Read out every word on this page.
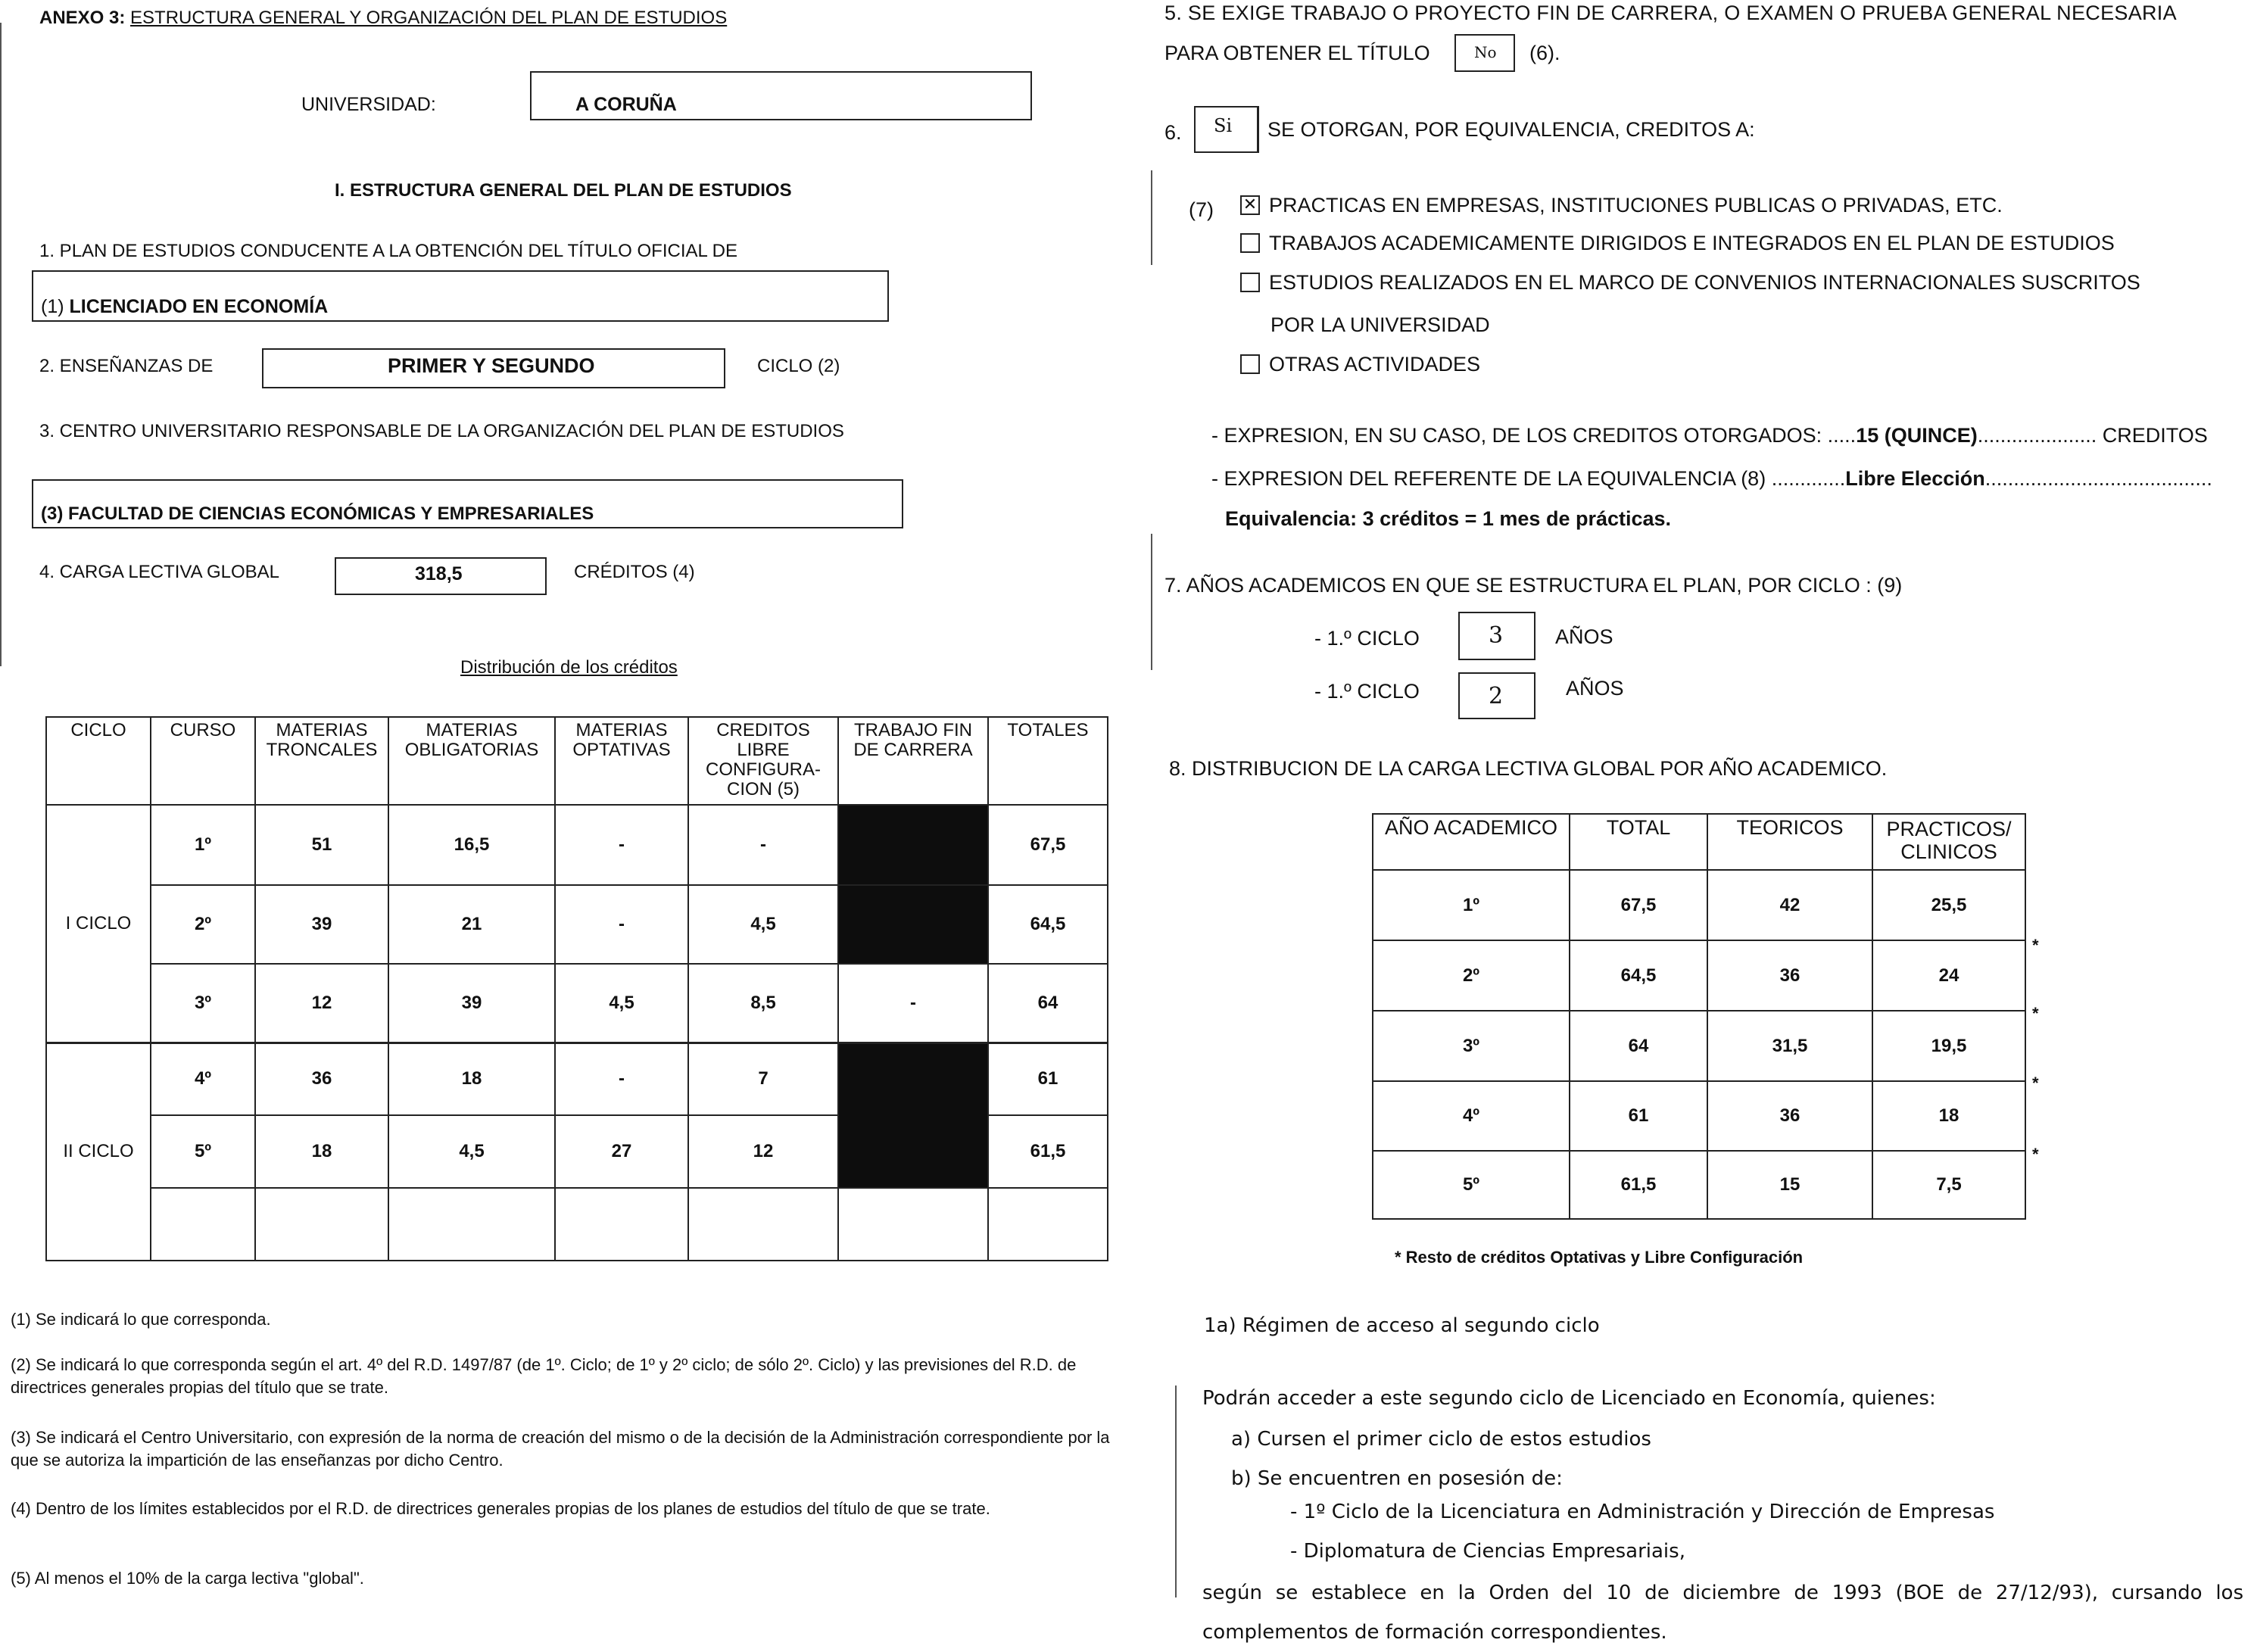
ANEXO 3: ESTRUCTURA GENERAL Y ORGANIZACIÓN DEL PLAN DE ESTUDIOS
UNIVERSIDAD:	A CORUÑA
I. ESTRUCTURA GENERAL DEL PLAN DE ESTUDIOS
1. PLAN DE ESTUDIOS CONDUCENTE A LA OBTENCIÓN DEL TÍTULO OFICIAL DE
(1) LICENCIADO EN ECONOMÍA
2. ENSEÑANZAS DE	PRIMER Y SEGUNDO	CICLO (2)
3. CENTRO UNIVERSITARIO RESPONSABLE DE LA ORGANIZACIÓN DEL PLAN DE ESTUDIOS
(3) FACULTAD DE CIENCIAS ECONÓMICAS Y EMPRESARIALES
4. CARGA LECTIVA GLOBAL	318,5	CRÉDITOS (4)
Distribución de los créditos
CICLO	CURSO	MATERIAS TRONCALES	MATERIAS OBLIGATORIAS	MATERIAS OPTATIVAS	CREDITOS LIBRE CONFIGURA- CION (5)	TRABAJO FIN DE CARRERA	TOTALES
I CICLO	1º	51	16,5	-	-		67,5
	2º	39	21	-	4,5		64,5
	3º	12	39	4,5	8,5	-	64
II CICLO	4º	36	18	-	7		61
	5º	18	4,5	27	12		61,5

(1) Se indicará lo que corresponda.
(2) Se indicará lo que corresponda según el art. 4º del R.D. 1497/87 (de 1º. Ciclo; de 1º y 2º ciclo; de sólo 2º. Ciclo) y las previsiones del R.D. de directrices generales propias del título que se trate.
(3) Se indicará el Centro Universitario, con expresión de la norma de creación del mismo o de la decisión de la Administración correspondiente por la que se autoriza la impartición de las enseñanzas por dicho Centro.
(4) Dentro de los límites establecidos por el R.D. de directrices generales propias de los planes de estudios del título de que se trate.
(5) Al menos el 10% de la carga lectiva "global".
5. SE EXIGE TRABAJO O PROYECTO FIN DE CARRERA, O EXAMEN O PRUEBA GENERAL NECESARIA
PARA OBTENER EL TÍTULO	No (6).
6. Si SE OTORGAN, POR EQUIVALENCIA, CREDITOS A:
(7) ✕ PRACTICAS EN EMPRESAS, INSTITUCIONES PUBLICAS O PRIVADAS, ETC.
TRABAJOS ACADEMICAMENTE DIRIGIDOS E INTEGRADOS EN EL PLAN DE ESTUDIOS
ESTUDIOS REALIZADOS EN EL MARCO DE CONVENIOS INTERNACIONALES SUSCRITOS
POR LA UNIVERSIDAD
OTRAS ACTIVIDADES
- EXPRESION, EN SU CASO, DE LOS CREDITOS OTORGADOS: .....15 (QUINCE)..................... CREDITOS
- EXPRESION DEL REFERENTE DE LA EQUIVALENCIA (8) .............Libre Elección........................................
Equivalencia: 3 créditos = 1 mes de prácticas.
7. AÑOS ACADEMICOS EN QUE SE ESTRUCTURA EL PLAN, POR CICLO : (9)
- 1.º CICLO	3	AÑOS
- 1.º CICLO	2	AÑOS
8. DISTRIBUCION DE LA CARGA LECTIVA GLOBAL POR AÑO ACADEMICO.
AÑO ACADEMICO	TOTAL	TEORICOS	PRACTICOS/ CLINICOS
1º	67,5	42	25,5
2º	64,5	36	24
3º	64	31,5	19,5
4º	61	36	18
5º	61,5	15	7,5
*
*
*
*
* Resto de créditos Optativas y Libre Configuración
1a) Régimen de acceso al segundo ciclo
Podrán acceder a este segundo ciclo de Licenciado en Economía, quienes:
a) Cursen el primer ciclo de estos estudios
b) Se encuentren en posesión de:
- 1º Ciclo de la Licenciatura en Administración y Dirección de Empresas
- Diplomatura de Ciencias Empresariais,
según se establece en la Orden del 10 de diciembre de 1993 (BOE de 27/12/93), cursando los complementos de formación correspondientes.
